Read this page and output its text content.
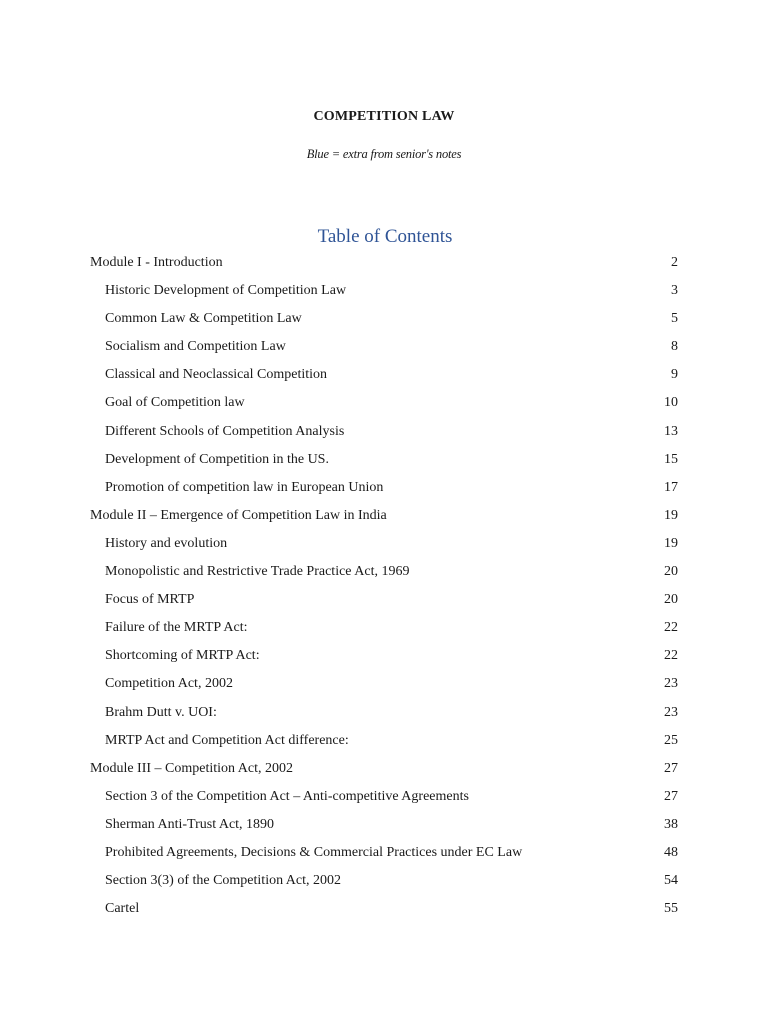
COMPETITION LAW
Blue = extra from senior's notes
Table of Contents
Module I - Introduction	2
Historic Development of Competition Law	3
Common Law & Competition Law	5
Socialism and Competition Law	8
Classical and Neoclassical Competition	9
Goal of Competition law	10
Different Schools of Competition Analysis	13
Development of Competition in the US.	15
Promotion of competition law in European Union	17
Module II – Emergence of Competition Law in India	19
History and evolution	19
Monopolistic and Restrictive Trade Practice Act, 1969	20
Focus of MRTP	20
Failure of the MRTP Act:	22
Shortcoming of MRTP Act:	22
Competition Act, 2002	23
Brahm Dutt v. UOI:	23
MRTP Act and Competition Act difference:	25
Module III – Competition Act, 2002	27
Section 3 of the Competition Act – Anti-competitive Agreements	27
Sherman Anti-Trust Act, 1890	38
Prohibited Agreements, Decisions & Commercial Practices under EC Law	48
Section 3(3) of the Competition Act, 2002	54
Cartel	55
